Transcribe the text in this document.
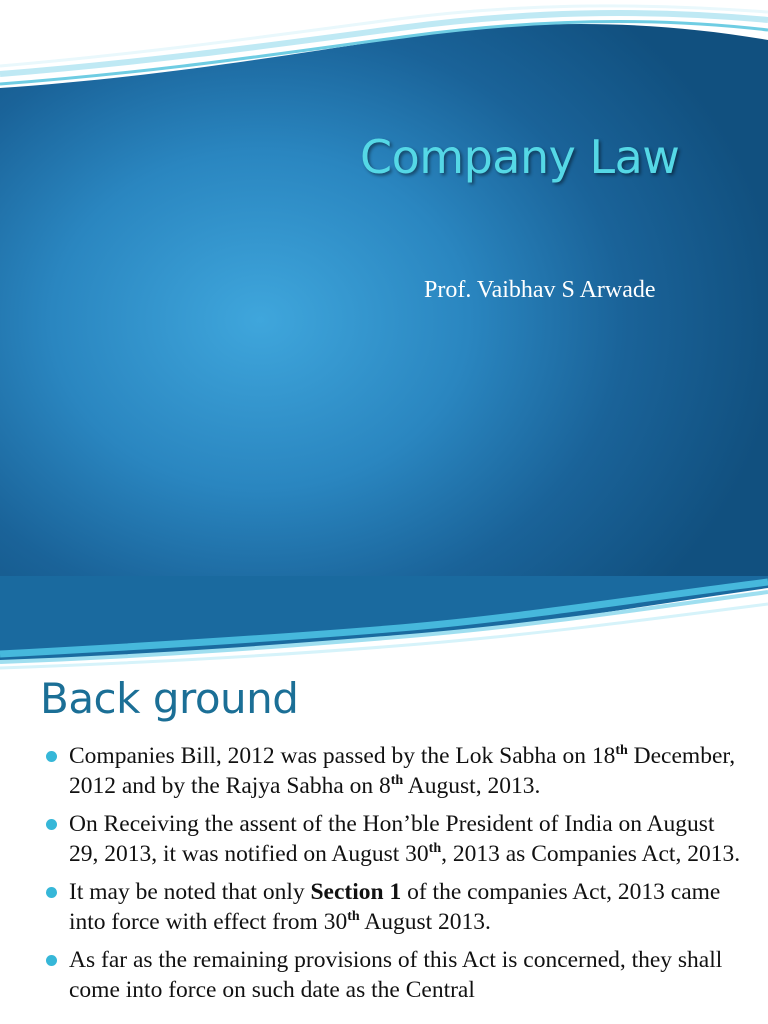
Company Law
Prof. Vaibhav S Arwade
Back ground
Companies Bill, 2012 was passed by the Lok Sabha on 18th December, 2012 and by the Rajya Sabha on 8th August, 2013.
On Receiving the assent of the Hon’ble President of India on August 29, 2013, it was notified on August 30th, 2013 as Companies Act, 2013.
It may be noted that only Section 1 of the companies Act, 2013 came into force with effect from 30th August 2013.
As far as the remaining provisions of this Act is concerned, they shall come into force on such date as the Central
